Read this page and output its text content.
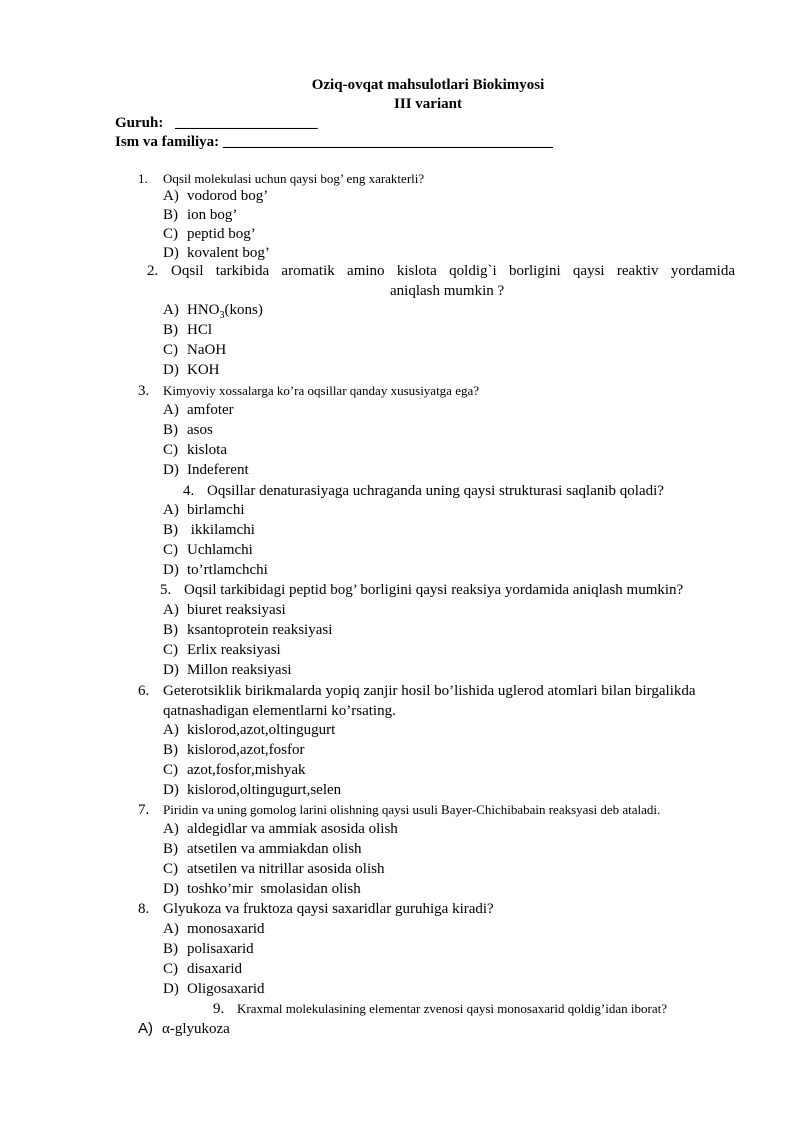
Oziq-ovqat mahsulotlari Biokimyosi
III variant
Guruh: ___________________
Ism va familiya: ____________________________________________
1. Oqsil molekulasi uchun qaysi bog’ eng xarakterli?
A) vodorod bog’
B) ion bog’
C) peptid bog’
D) kovalent bog’
2. Oqsil tarkibida aromatik amino kislota qoldig`i borligini qaysi reaktiv yordamida
aniqlash mumkin ?
A) $HNO_3(kons)$
B) HCl
C) NaOH
D) KOH
3. Kimyoviy xossalarga ko’ra oqsillar qanday xususiyatga ega?
A) amfoter
B) asos
C) kislota
D) Indeferent
4. Oqsillar denaturasiyaga uchraganda uning qaysi strukturasi saqlanib qoladi?
A) birlamchi
B) ikkilamchi
C) Uchlamchi
D) to’rtlamchchi
5. Oqsil tarkibidagi peptid bog’ borligini qaysi reaksiya yordamida aniqlash mumkin?
A) biuret reaksiyasi
B) ksantoprotein reaksiyasi
C) Erlix reaksiyasi
D) Millon reaksiyasi
6. Geterotsiklik birikmalarda yopiq zanjir hosil bo’lishida uglerod atomlari bilan birgalikda
qatnashadigan elementlarni ko’rsating.
A) kislorod,azot,oltingugurt
B) kislorod,azot,fosfor
C) azot,fosfor,mishyak
D) kislorod,oltingugurt,selen
7. Piridin va uning gomolog larini olishning qaysi usuli Bayer-Chichibabain reaksyasi deb ataladi.
A) aldegidlar va ammiak asosida olish
B) atsetilen va ammiakdan olish
C) atsetilen va nitrillar asosida olish
D) toshko’mir  smolasidan olish
8. Glyukoza va fruktoza qaysi saxaridlar guruhiga kiradi?
A) monosaxarid
B) polisaxarid
C) disaxarid
D) Oligosaxarid
9. Kraxmal molekulasining elementar zvenosi qaysi monosaxarid qoldig’idan iborat?
A) α-glyukoza
